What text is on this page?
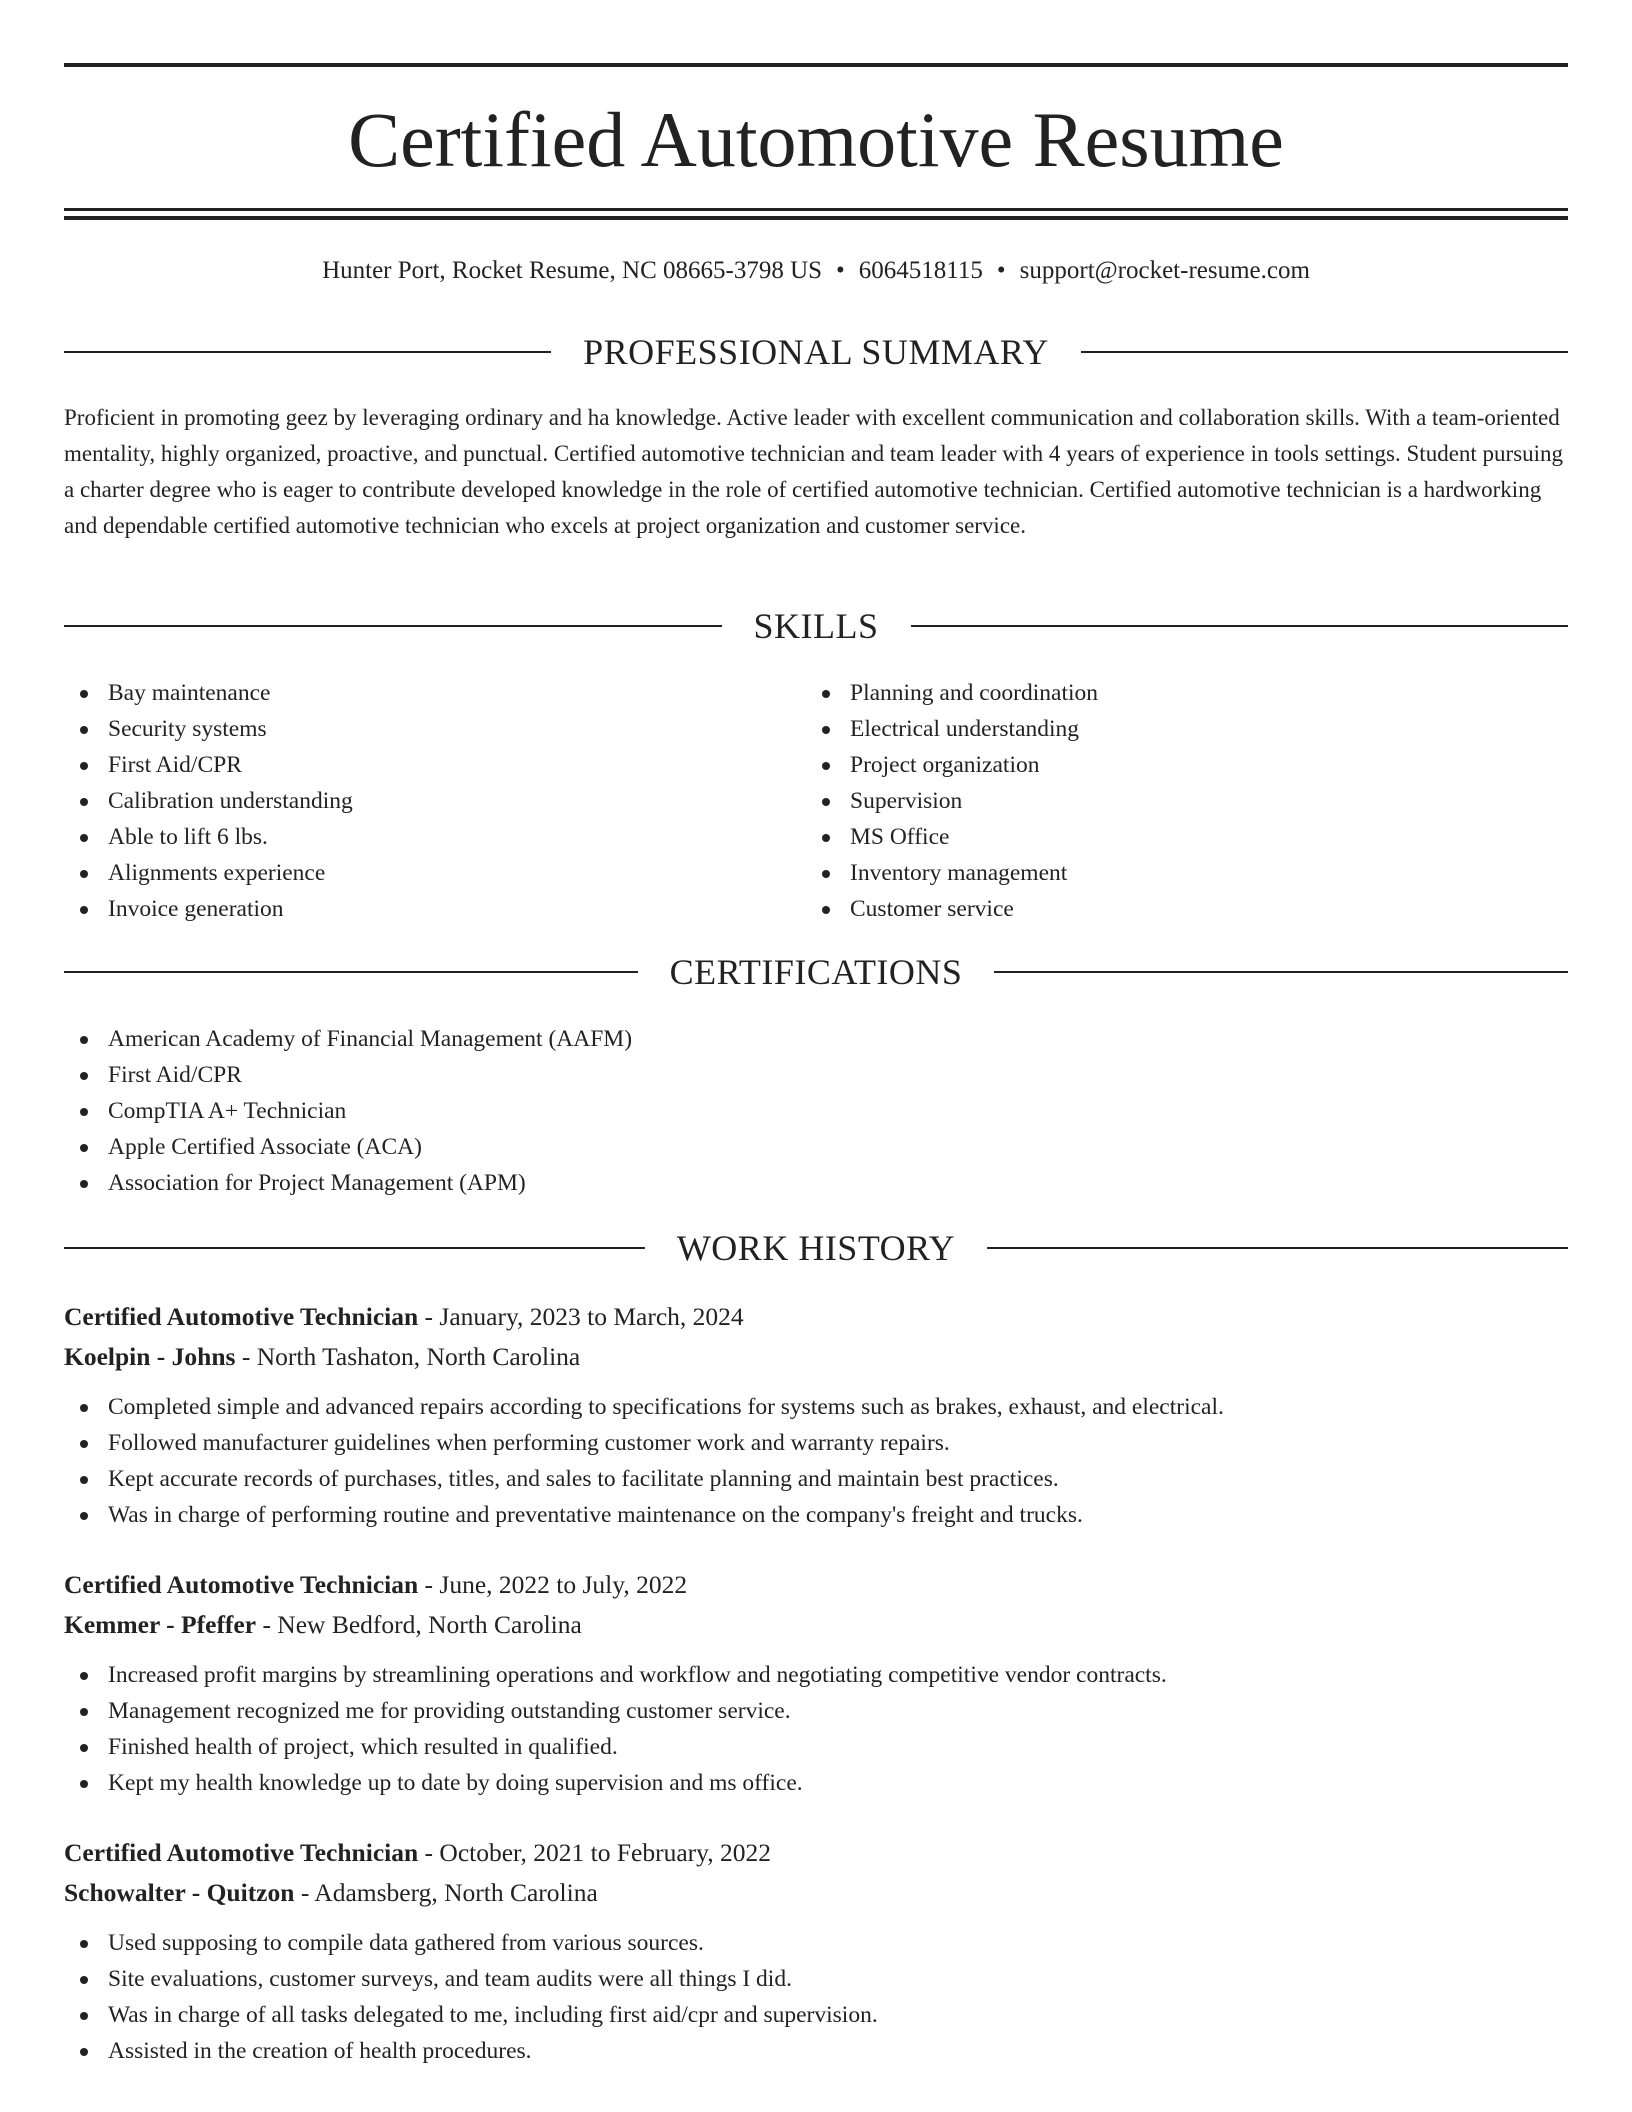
Certified Automotive Resume
Hunter Port, Rocket Resume, NC 08665-3798 US • 6064518115 • support@rocket-resume.com
PROFESSIONAL SUMMARY

Proficient in promoting geez by leveraging ordinary and ha knowledge. Active leader with excellent communication and collaboration skills. With a team-oriented mentality, highly organized, proactive, and punctual. Certified automotive technician and team leader with 4 years of experience in tools settings. Student pursuing a charter degree who is eager to contribute developed knowledge in the role of certified automotive technician. Certified automotive technician is a hardworking and dependable certified automotive technician who excels at project organization and customer service.

SKILLS
Bay maintenance
Security systems
First Aid/CPR
Calibration understanding
Able to lift 6 lbs.
Alignments experience
Invoice generation
Planning and coordination
Electrical understanding
Project organization
Supervision
MS Office
Inventory management
Customer service
CERTIFICATIONS
American Academy of Financial Management (AAFM)
First Aid/CPR
CompTIA A+ Technician
Apple Certified Associate (ACA)
Association for Project Management (APM)
WORK HISTORY
Certified Automotive Technician - January, 2023 to March, 2024
Koelpin - Johns - North Tashaton, North Carolina
Completed simple and advanced repairs according to specifications for systems such as brakes, exhaust, and electrical.
Followed manufacturer guidelines when performing customer work and warranty repairs.
Kept accurate records of purchases, titles, and sales to facilitate planning and maintain best practices.
Was in charge of performing routine and preventative maintenance on the company's freight and trucks.
Certified Automotive Technician - June, 2022 to July, 2022
Kemmer - Pfeffer - New Bedford, North Carolina
Increased profit margins by streamlining operations and workflow and negotiating competitive vendor contracts.
Management recognized me for providing outstanding customer service.
Finished health of project, which resulted in qualified.
Kept my health knowledge up to date by doing supervision and ms office.
Certified Automotive Technician - October, 2021 to February, 2022
Schowalter - Quitzon - Adamsberg, North Carolina
Used supposing to compile data gathered from various sources.
Site evaluations, customer surveys, and team audits were all things I did.
Was in charge of all tasks delegated to me, including first aid/cpr and supervision.
Assisted in the creation of health procedures.
